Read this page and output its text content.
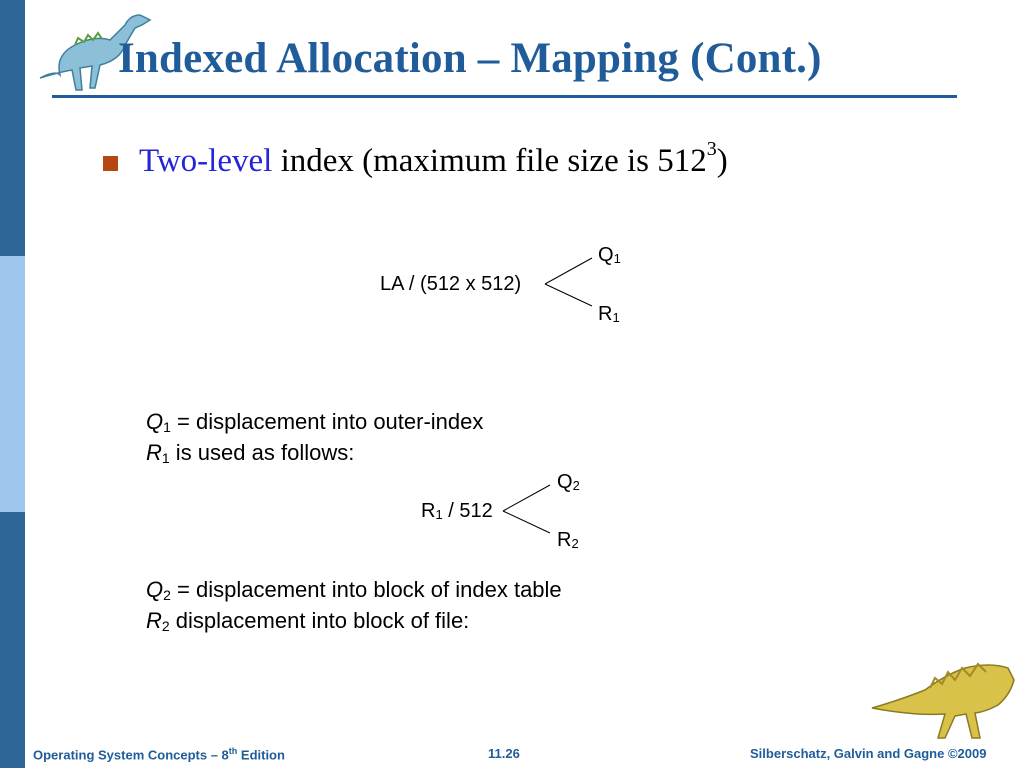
Indexed Allocation – Mapping (Cont.)
Two-level index (maximum file size is $512^3$)
LA / (512 x 512)
$Q_1$
$R_1$
$Q_1$ = displacement into outer-index
$R_1$ is used as follows:
$R_1 / 512$
$Q_2$
$R_2$
$Q_2$ = displacement into block of index table
$R_2$ displacement into block of file:
Operating System Concepts – 8th Edition	11.26	Silberschatz, Galvin and Gagne ©2009
